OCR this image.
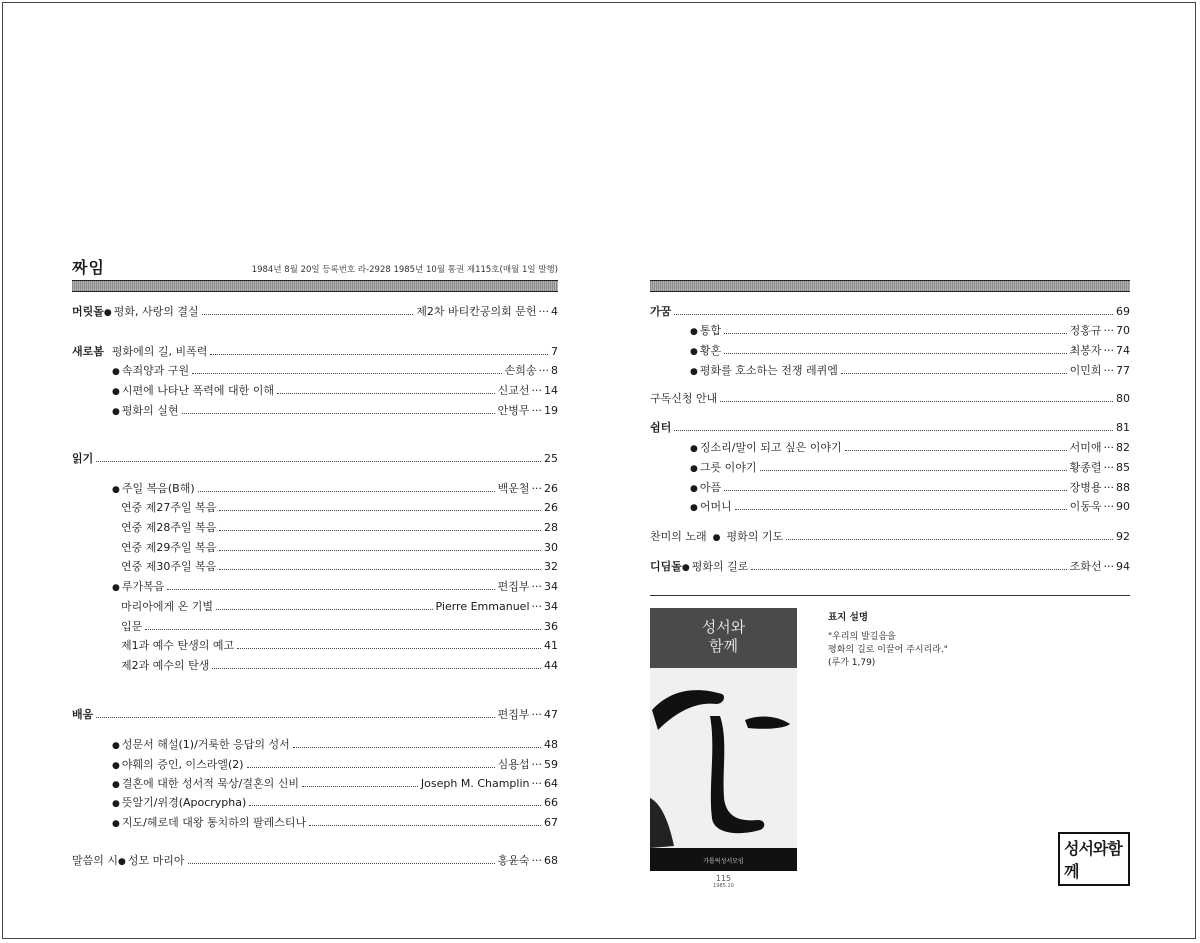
짜임	1984년 8월 20일 등록번호 라-2928 1985년 10월 통권 제115호(매월 1일 발행)
머릿돌 ● 평화, 사랑의 결실	제2차 바티칸공의회 문헌 ··· 4
새로봄 평화에의 길, 비폭력	7
● 속죄양과 구원	손희송 ··· 8
● 시편에 나타난 폭력에 대한 이해	신교선 ··· 14
● 평화의 실현	안병무 ··· 19
읽기	25
● 주일 복음(B해)	백운철 ··· 26
연중 제27주일 복음	26
연중 제28주일 복음	28
연중 제29주일 복음	30
연중 제30주일 복음	32
● 루가복음	편집부 ··· 34
마리아에게 온 기별	Pierre Emmanuel ··· 34
입문	36
제1과 예수 탄생의 예고	41
제2과 예수의 탄생	44
배움	편집부 ··· 47
● 성문서 해설(1)/거룩한 응답의 성서	48
● 야훼의 증인, 이스라엘(2)	심용섭 ··· 59
● 결혼에 대한 성서적 묵상/결혼의 신비	Joseph M. Champlin ··· 64
● 뜻알기/위경(Apocrypha)	66
● 지도/헤로데 대왕 통치하의 팔레스티나	67
말씀의 시 ● 성모 마리아	홍윤숙 ··· 68
가꿈	69
● 통합	정홍규 ··· 70
● 황혼	최봉자 ··· 74
● 평화를 호소하는 전쟁 레퀴엠	이민희 ··· 77
구독신청 안내	80
쉼터	81
● 징소리/말이 되고 싶은 이야기	서미애 ··· 82
● 그릇 이야기	황종렬 ··· 85
● 아픔	장병용 ··· 88
● 어머니	이동욱 ··· 90
찬미의 노래 ● 평화의 기도	92
디딤돌 ● 평화의 길로	조화선 ··· 94
성서와
함께
115
1985.10
가톨릭성서모임
표지 설명
"우리의 발길음을
평화의 길로 이끌어 주시리라."
(루가 1,79)
성서와함께
